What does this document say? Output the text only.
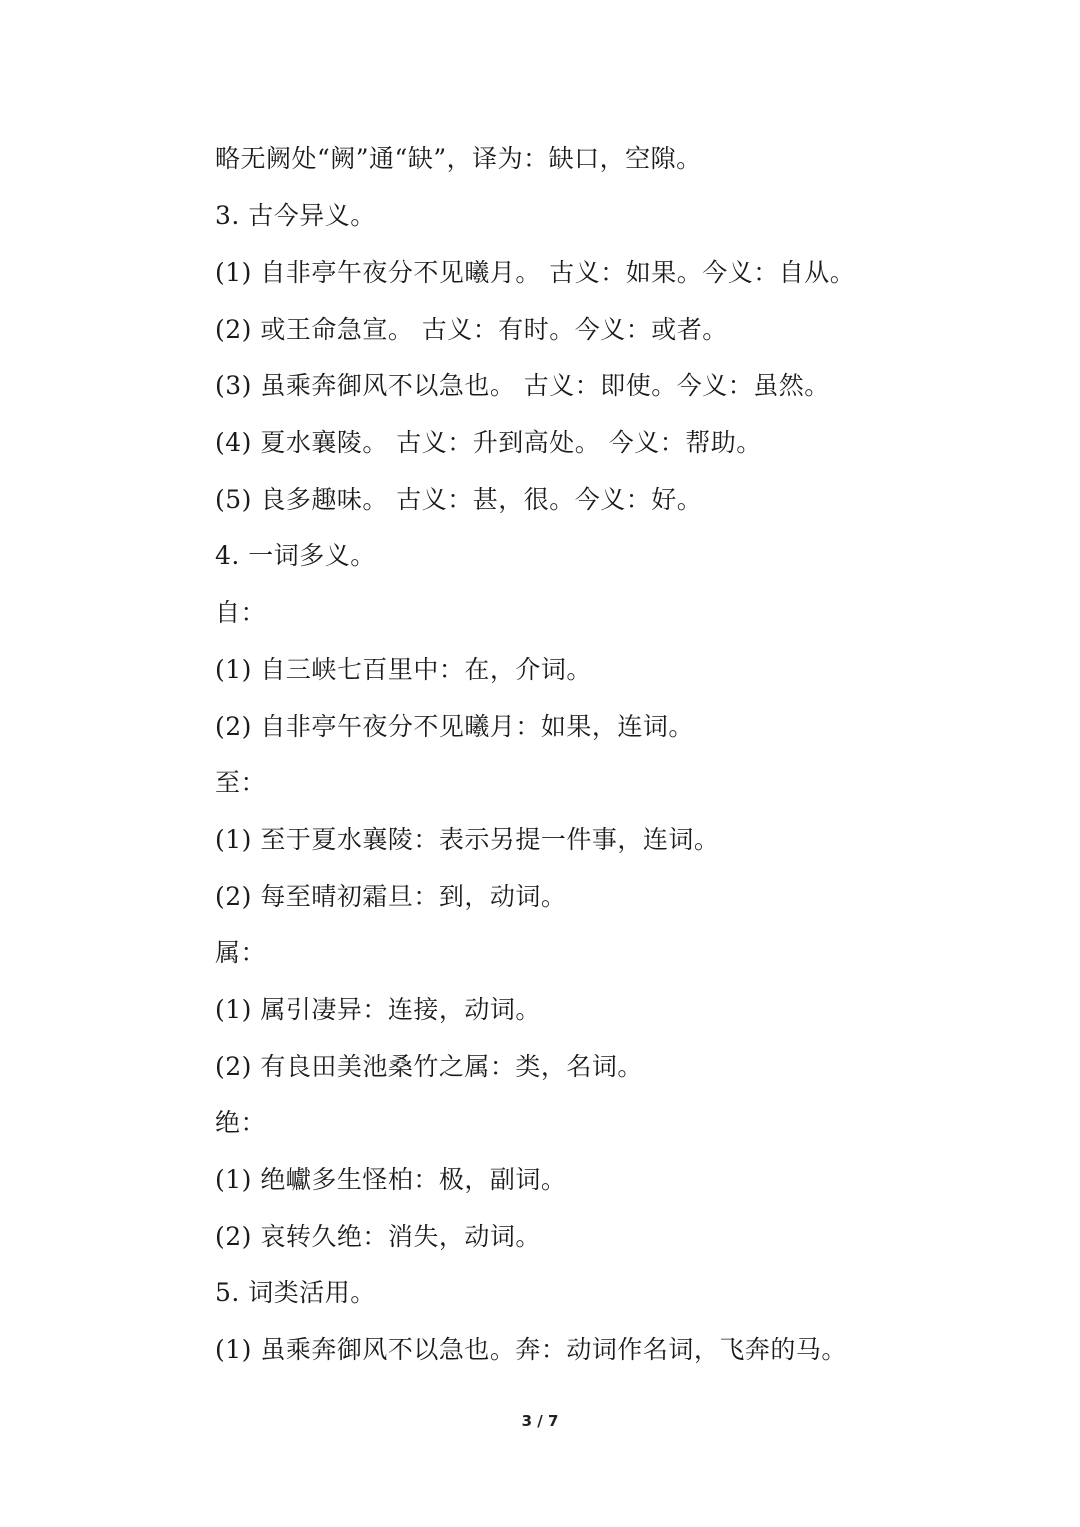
略无阙处“阙”通“缺”，译为：缺口，空隙。
3. 古今异义。
(1) 自非亭午夜分不见曦月。 古义：如果。今义：自从。
(2) 或王命急宣。 古义：有时。今义：或者。
(3) 虽乘奔御风不以急也。 古义：即使。今义：虽然。
(4) 夏水襄陵。 古义：升到高处。 今义：帮助。
(5) 良多趣味。 古义：甚，很。今义：好。
4. 一词多义。
自：
(1) 自三峡七百里中：在，介词。
(2) 自非亭午夜分不见曦月：如果，连词。
至：
(1) 至于夏水襄陵：表示另提一件事，连词。
(2) 每至晴初霜旦：到，动词。
属：
(1) 属引凄异：连接，动词。
(2) 有良田美池桑竹之属：类，名词。
绝：
(1) 绝巘多生怪柏：极，副词。
(2) 哀转久绝：消失，动词。
5. 词类活用。
(1) 虽乘奔御风不以急也。奔：动词作名词，飞奔的马。
3 / 7
